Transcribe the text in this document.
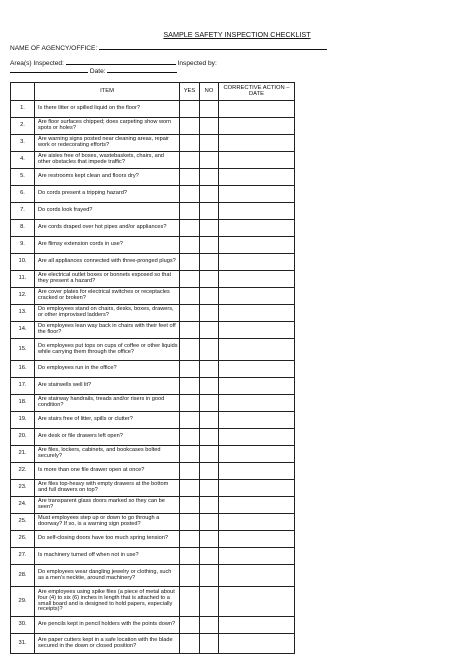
SAMPLE SAFETY INSPECTION CHECKLIST
NAME OF AGENCY/OFFICE:
Area(s) Inspected:	Inspected by:
Date:
	ITEM	YES	NO	CORRECTIVE ACTION – DATE
1.	Is there litter or spilled liquid on the floor?			
2.	Are floor surfaces chipped; does carpeting show worn spots or holes?			
3.	Are warning signs posted near cleaning areas, repair work or redecorating efforts?			
4.	Are aisles free of boxes, wastebaskets, chairs, and other obstacles that impede traffic?			
5.	Are restrooms kept clean and floors dry?			
6.	Do cords present a tripping hazard?			
7.	Do cords look frayed?			
8.	Are cords draped over hot pipes and/or appliances?			
9.	Are flimsy extension cords in use?			
10.	Are all appliances connected with three-pronged plugs?			
11.	Are electrical outlet boxes or bonnets exposed so that they present a hazard?			
12.	Are cover plates for electrical switches or receptacles cracked or broken?			
13.	Do employees stand on chairs, desks, boxes, drawers, or other improvised ladders?			
14.	Do employees lean way back in chairs with their feet off the floor?			
15.	Do employees put tops on cups of coffee or other liquids while carrying them through the office?			
16.	Do employees run in the office?			
17.	Are stairwells well lit?			
18.	Are stairway handrails, treads and/or risers in good condition?			
19.	Are stairs free of litter, spills or clutter?			
20.	Are desk or file drawers left open?			
21.	Are files, lockers, cabinets, and bookcases bolted securely?			
22.	Is more than one file drawer open at once?			
23.	Are files top-heavy with empty drawers at the bottom and full drawers on top?			
24.	Are transparent glass doors marked so they can be seen?			
25.	Must employees step up or down to go through a doorway? If so, is a warning sign posted?			
26.	Do self-closing doors have too much spring tension?			
27.	Is machinery turned off when not in use?			
28.	Do employees wear dangling jewelry or clothing, such as a men's necktie, around machinery?			
29.	Are employees using spike files (a piece of metal about four (4) to six (6) inches in length that is attached to a small board and is designed to hold papers, especially receipts)?			
30.	Are pencils kept in pencil holders with the points down?			
31.	Are paper cutters kept in a safe location with the blade secured in the down or closed position?			
